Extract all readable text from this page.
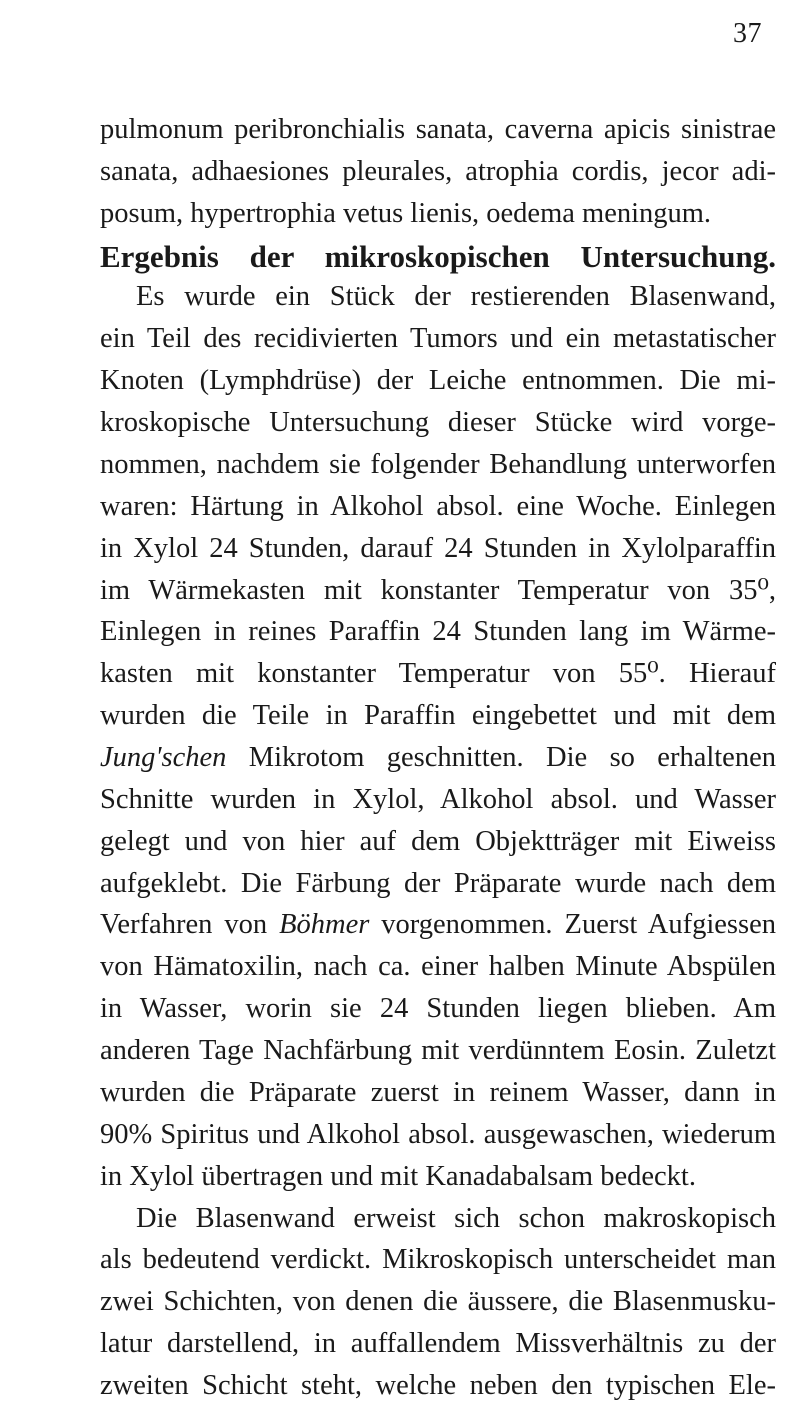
37
pulmonum peribronchialis sanata, caverna apicis sinistrae
sanata, adhaesiones pleurales, atrophia cordis, jecor adi-
posum, hypertrophia vetus lienis, oedema meningum.
Ergebnis der mikroskopischen Untersuchung.
Es wurde ein Stück der restierenden Blasenwand,
ein Teil des recidivierten Tumors und ein metastatischer
Knoten (Lymphdrüse) der Leiche entnommen. Die mi-
kroskopische Untersuchung dieser Stücke wird vorge-
nommen, nachdem sie folgender Behandlung unterworfen
waren: Härtung in Alkohol absol. eine Woche. Einlegen
in Xylol 24 Stunden, darauf 24 Stunden in Xylolparaffin
im Wärmekasten mit konstanter Temperatur von 35⁰,
Einlegen in reines Paraffin 24 Stunden lang im Wärme-
kasten mit konstanter Temperatur von 55⁰. Hierauf
wurden die Teile in Paraffin eingebettet und mit dem
Jung'schen Mikrotom geschnitten. Die so erhaltenen
Schnitte wurden in Xylol, Alkohol absol. und Wasser
gelegt und von hier auf dem Objektträger mit Eiweiss
aufgeklebt. Die Färbung der Präparate wurde nach dem
Verfahren von Böhmer vorgenommen. Zuerst Aufgiessen
von Hämatoxilin, nach ca. einer halben Minute Abspülen
in Wasser, worin sie 24 Stunden liegen blieben. Am
anderen Tage Nachfärbung mit verdünntem Eosin. Zuletzt
wurden die Präparate zuerst in reinem Wasser, dann in
90% Spiritus und Alkohol absol. ausgewaschen, wiederum
in Xylol übertragen und mit Kanadabalsam bedeckt.
Die Blasenwand erweist sich schon makroskopisch
als bedeutend verdickt. Mikroskopisch unterscheidet man
zwei Schichten, von denen die äussere, die Blasenmusku-
latur darstellend, in auffallendem Missverhältnis zu der
zweiten Schicht steht, welche neben den typischen Ele-
